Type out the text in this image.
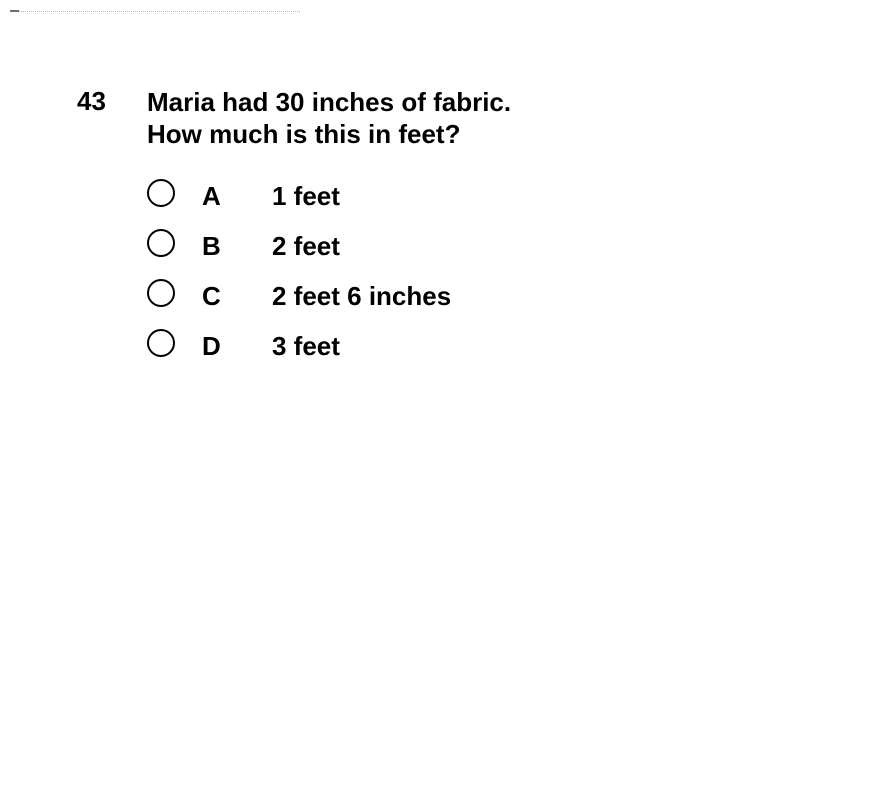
43 Maria had 30 inches of fabric.
How much is this in feet?
A 1 feet
B 2 feet
C 2 feet 6 inches
D 3 feet
